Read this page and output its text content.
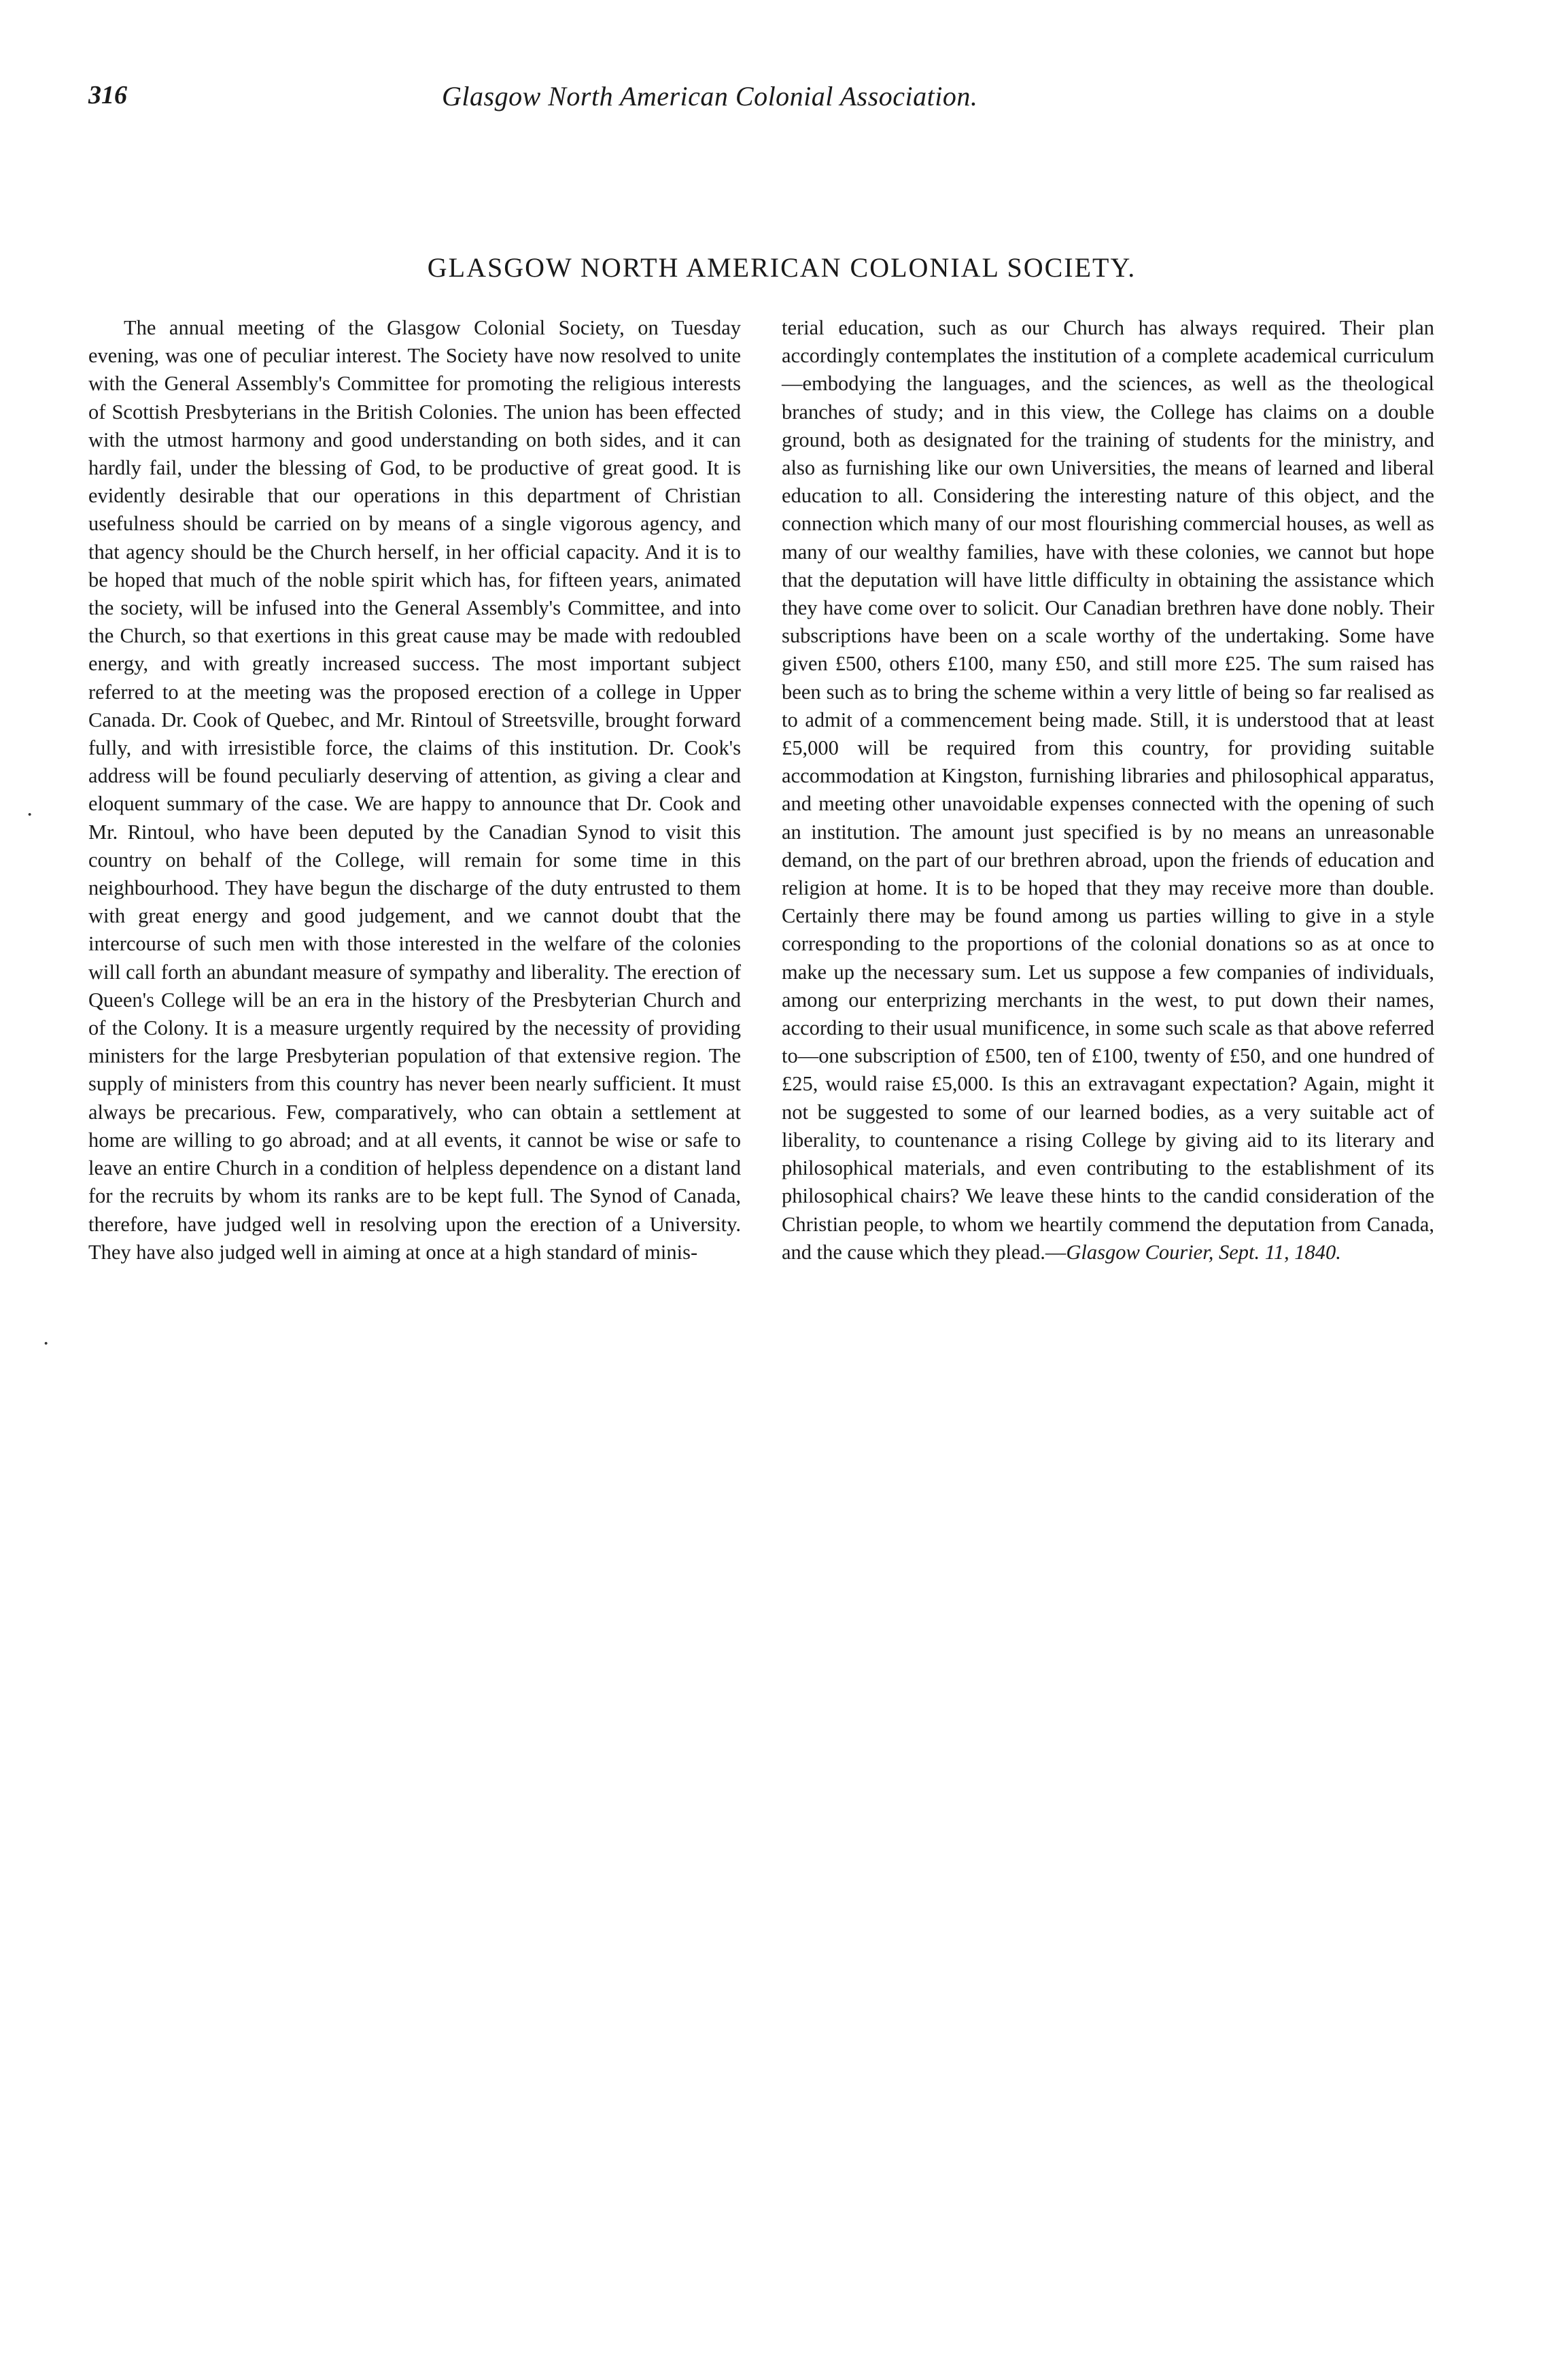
316	Glasgow North American Colonial Association.
GLASGOW NORTH AMERICAN COLONIAL SOCIETY.

The annual meeting of the Glasgow Colonial Society, on Tuesday evening, was one of peculiar interest. The Society have now resolved to unite with the General Assembly's Committee for promoting the religious interests of Scottish Presbyterians in the British Colonies. The union has been effected with the utmost harmony and good understanding on both sides, and it can hardly fail, under the blessing of God, to be productive of great good. It is evidently desirable that our operations in this department of Christian usefulness should be carried on by means of a single vigorous agency, and that agency should be the Church herself, in her official capacity. And it is to be hoped that much of the noble spirit which has, for fifteen years, animated the society, will be infused into the General Assembly's Committee, and into the Church, so that exertions in this great cause may be made with redoubled energy, and with greatly increased success. The most important subject referred to at the meeting was the proposed erection of a college in Upper Canada. Dr. Cook of Quebec, and Mr. Rintoul of Streetsville, brought forward fully, and with irresistible force, the claims of this institution. Dr. Cook's address will be found peculiarly deserving of attention, as giving a clear and eloquent summary of the case. We are happy to announce that Dr. Cook and Mr. Rintoul, who have been deputed by the Canadian Synod to visit this country on behalf of the College, will remain for some time in this neighbourhood. They have begun the discharge of the duty entrusted to them with great energy and good judgement, and we cannot doubt that the intercourse of such men with those interested in the welfare of the colonies will call forth an abundant measure of sympathy and liberality. The erection of Queen's College will be an era in the history of the Presbyterian Church and of the Colony. It is a measure urgently required by the necessity of providing ministers for the large Presbyterian population of that extensive region. The supply of ministers from this country has never been nearly sufficient. It must always be precarious. Few, comparatively, who can obtain a settlement at home are willing to go abroad; and at all events, it cannot be wise or safe to leave an entire Church in a condition of helpless dependence on a distant land for the recruits by whom its ranks are to be kept full. The Synod of Canada, therefore, have judged well in resolving upon the erection of a University. They have also judged well in aiming at once at a high standard of minis-

terial education, such as our Church has always required. Their plan accordingly contemplates the institution of a complete academical curriculum —embodying the languages, and the sciences, as well as the theological branches of study; and in this view, the College has claims on a double ground, both as designated for the training of students for the ministry, and also as furnishing like our own Universities, the means of learned and liberal education to all. Considering the interesting nature of this object, and the connection which many of our most flourishing commercial houses, as well as many of our wealthy families, have with these colonies, we cannot but hope that the deputation will have little difficulty in obtaining the assistance which they have come over to solicit. Our Canadian brethren have done nobly. Their subscriptions have been on a scale worthy of the undertaking. Some have given £500, others £100, many £50, and still more £25. The sum raised has been such as to bring the scheme within a very little of being so far realised as to admit of a commencement being made. Still, it is understood that at least £5,000 will be required from this country, for providing suitable accommodation at Kingston, furnishing libraries and philosophical apparatus, and meeting other unavoidable expenses connected with the opening of such an institution. The amount just specified is by no means an unreasonable demand, on the part of our brethren abroad, upon the friends of education and religion at home. It is to be hoped that they may receive more than double. Certainly there may be found among us parties willing to give in a style corresponding to the proportions of the colonial donations so as at once to make up the necessary sum. Let us suppose a few companies of individuals, among our enterprizing merchants in the west, to put down their names, according to their usual munificence, in some such scale as that above referred to—one subscription of £500, ten of £100, twenty of £50, and one hundred of £25, would raise £5,000. Is this an extravagant expectation? Again, might it not be suggested to some of our learned bodies, as a very suitable act of liberality, to countenance a rising College by giving aid to its literary and philosophical materials, and even contributing to the establishment of its philosophical chairs? We leave these hints to the candid consideration of the Christian people, to whom we heartily commend the deputation from Canada, and the cause which they plead.—Glasgow Courier, Sept. 11, 1840.

·
·
